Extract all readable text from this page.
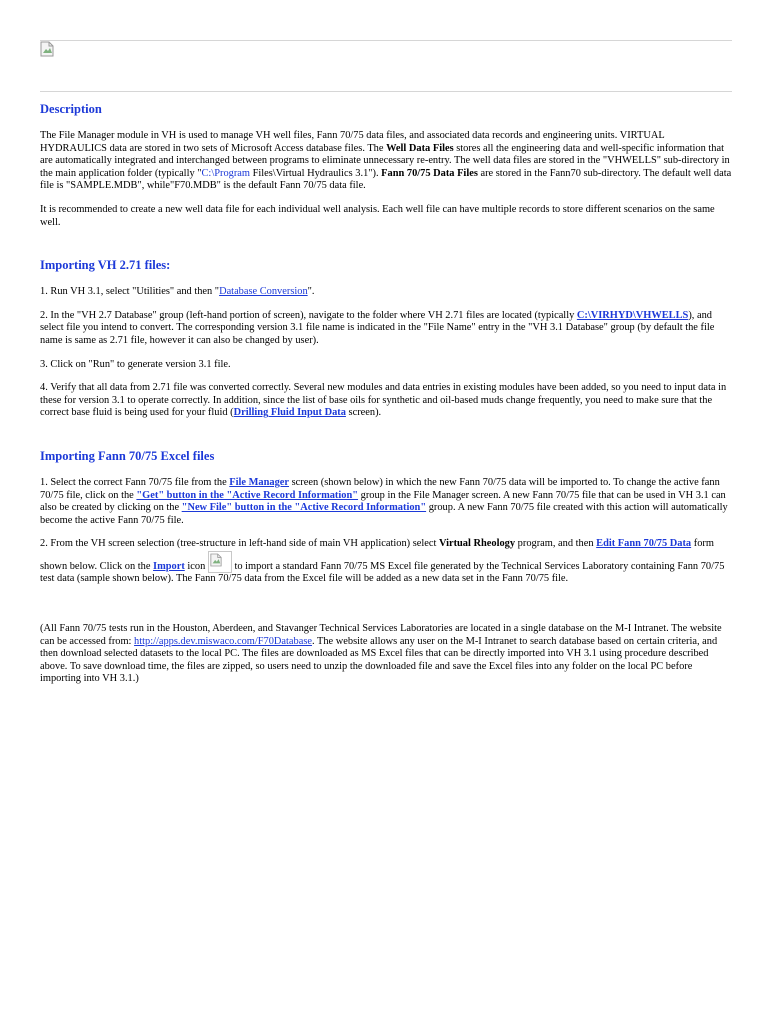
Description

The File Manager module in VH is used to manage VH well files, Fann 70/75 data files, and associated data records and engineering units. VIRTUAL HYDRAULICS data are stored in two sets of Microsoft Access database files. The Well Data Files stores all the engineering data and well-specific information that are automatically integrated and interchanged between programs to eliminate unnecessary re-entry. The well data files are stored in the "VHWELLS" sub-directory in the main application folder (typically "C:\Program Files\Virtual Hydraulics 3.1"). Fann 70/75 Data Files are stored in the Fann70 sub-directory. The default well data file is "SAMPLE.MDB", while"F70.MDB" is the default Fann 70/75 data file.

It is recommended to create a new well data file for each individual well analysis. Each well file can have multiple records to store different scenarios on the same well.

Importing VH 2.71 files:

1. Run VH 3.1, select "Utilities" and then "Database Conversion".

2. In the "VH 2.7 Database" group (left-hand portion of screen), navigate to the folder where VH 2.71 files are located (typically C:\VIRHYD\VHWELLS), and select file you intend to convert. The corresponding version 3.1 file name is indicated in the "File Name" entry in the "VH 3.1 Database" group (by default the file name is same as 2.71 file, however it can also be changed by user).

3. Click on "Run" to generate version 3.1 file.

4. Verify that all data from 2.71 file was converted correctly. Several new modules and data entries in existing modules have been added, so you need to input data in these for version 3.1 to operate correctly. In addition, since the list of base oils for synthetic and oil-based muds change frequently, you need to make sure that the correct base fluid is being used for your fluid (Drilling Fluid Input Data screen).

Importing Fann 70/75 Excel files

1. Select the correct Fann 70/75 file from the File Manager screen (shown below) in which the new Fann 70/75 data will be imported to. To change the active fann 70/75 file, click on the "Get" button in the "Active Record Information" group in the File Manager screen. A new Fann 70/75 file that can be used in VH 3.1 can also be created by clicking on the "New File" button in the "Active Record Information" group. A new Fann 70/75 file created with this action will automatically become the active Fann 70/75 file.

2. From the VH screen selection (tree-structure in left-hand side of main VH application) select Virtual Rheology program, and then Edit Fann 70/75 Data form shown below. Click on the Import icon
to import a standard Fann 70/75 MS Excel file generated by the Technical Services Laboratory containing Fann 70/75 test data (sample shown below). The Fann 70/75 data from the Excel file will be added as a new data set in the Fann 70/75 file.

(All Fann 70/75 tests run in the Houston, Aberdeen, and Stavanger Technical Services Laboratories are located in a single database on the M-I Intranet. The website can be accessed from: http://apps.dev.miswaco.com/F70Database. The website allows any user on the M-I Intranet to search database based on certain criteria, and then download selected datasets to the local PC. The files are downloaded as MS Excel files that can be directly imported into VH 3.1 using procedure described above. To save download time, the files are zipped, so users need to unzip the downloaded file and save the Excel files into any folder on the local PC before importing into VH 3.1.)
